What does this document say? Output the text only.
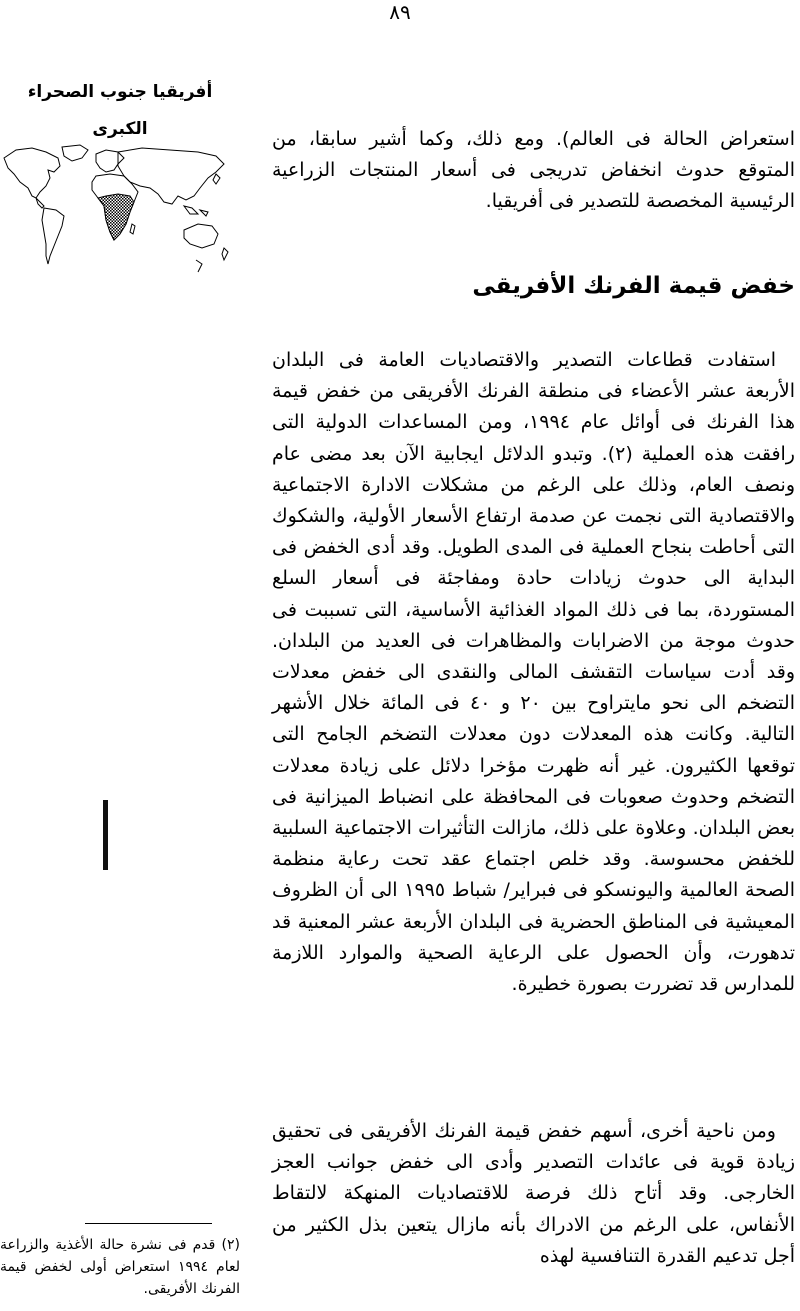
٨٩
أفريقيا جنوب الصحراء
الكبرى	استعراض الحالة فى العالم). ومع ذلك، وكما أشير سابقا، من المتوقع حدوث انخفاض تدريجى فى أسعار المنتجات الزراعية الرئيسية المخصصة للتصدير فى أفريقيا.

خفض قيمة الفرنك الأفريقى

استفادت قطاعات التصدير والاقتصاديات العامة فى البلدان الأربعة عشر الأعضاء فى منطقة الفرنك الأفريقى من خفض قيمة هذا الفرنك فى أوائل عام ١٩٩٤، ومن المساعدات الدولية التى رافقت هذه العملية (٢). وتبدو الدلائل ايجابية الآن بعد مضى عام ونصف العام، وذلك على الرغم من مشكلات الادارة الاجتماعية والاقتصادية التى نجمت عن صدمة ارتفاع الأسعار الأولية، والشكوك التى أحاطت بنجاح العملية فى المدى الطويل. وقد أدى الخفض فى البداية الى حدوث زيادات حادة ومفاجئة فى أسعار السلع المستوردة، بما فى ذلك المواد الغذائية الأساسية، التى تسببت فى حدوث موجة من الاضرابات والمظاهرات فى العديد من البلدان. وقد أدت سياسات التقشف المالى والنقدى الى خفض معدلات التضخم الى نحو مايتراوح بين ٢٠ و ٤٠ فى المائة خلال الأشهر التالية. وكانت هذه المعدلات دون معدلات التضخم الجامح التى توقعها الكثيرون. غير أنه ظهرت مؤخرا دلائل على زيادة معدلات التضخم وحدوث صعوبات فى المحافظة على انضباط الميزانية فى بعض البلدان. وعلاوة على ذلك، مازالت التأثيرات الاجتماعية السلبية للخفض محسوسة. وقد خلص اجتماع عقد تحت رعاية منظمة الصحة العالمية واليونسكو فى فبراير/ شباط ١٩٩٥ الى أن الظروف المعيشية فى المناطق الحضرية فى البلدان الأربعة عشر المعنية قد تدهورت، وأن الحصول على الرعاية الصحية والموارد اللازمة للمدارس قد تضررت بصورة خطيرة.

ومن ناحية أخرى، أسهم خفض قيمة الفرنك الأفريقى فى تحقيق زيادة قوية فى عائدات التصدير وأدى الى خفض جوانب العجز الخارجى. وقد أتاح ذلك فرصة للاقتصاديات المنهكة لالتقاط الأنفاس، على الرغم من الادراك بأنه مازال يتعين بذل الكثير من أجل تدعيم القدرة التنافسية لهذه

(٢) قدم فى نشرة حالة الأغذية والزراعة لعام ١٩٩٤ استعراض أولى لخفض قيمة الفرنك الأفريقى.
